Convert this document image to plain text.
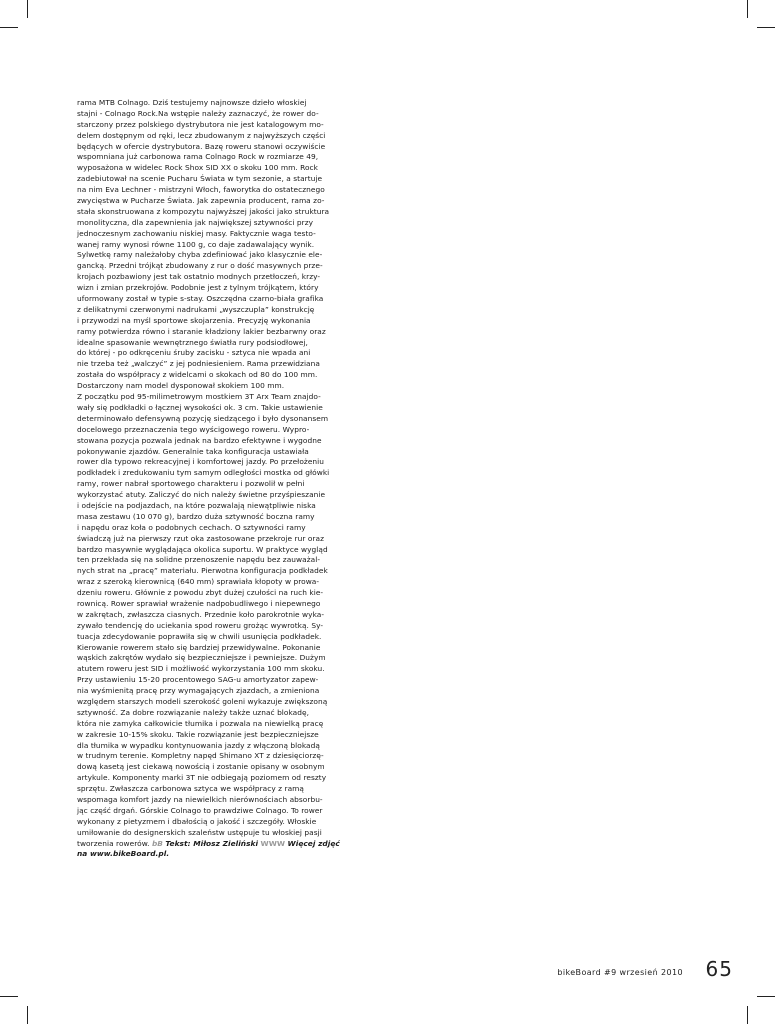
rama MTB Colnago. Dziś testujemy najnowsze dzieło włoskiej
stajni - Colnago Rock.Na wstępie należy zaznaczyć, że rower do-
starczony przez polskiego dystrybutora nie jest katalogowym mo-
delem dostępnym od ręki, lecz zbudowanym z najwyższych części
będących w ofercie dystrybutora. Bazę roweru stanowi oczywiście
wspomniana już carbonowa rama Colnago Rock w rozmiarze 49,
wyposażona w widelec Rock Shox SID XX o skoku 100 mm. Rock
zadebiutował na scenie Pucharu Świata w tym sezonie, a startuje
na nim Eva Lechner - mistrzyni Włoch, faworytka do ostatecznego
zwycięstwa w Pucharze Świata. Jak zapewnia producent, rama zo-
stała skonstruowana z kompozytu najwyższej jakości jako struktura
monolityczna, dla zapewnienia jak największej sztywności przy
jednoczesnym zachowaniu niskiej masy. Faktycznie waga testo-
wanej ramy wynosi równe 1100 g, co daje zadawalający wynik.
Sylwetkę ramy należałoby chyba zdefiniować jako klasycznie ele-
gancką. Przedni trójkąt zbudowany z rur o dość masywnych prze-
krojach pozbawiony jest tak ostatnio modnych przetłoczeń, krzy-
wizn i zmian przekrojów. Podobnie jest z tylnym trójkątem, który
uformowany został w typie s-stay. Oszczędna czarno-biała grafika
z delikatnymi czerwonymi nadrukami „wyszczupla” konstrukcję
i przywodzi na myśl sportowe skojarzenia. Precyzję wykonania
ramy potwierdza równo i staranie kładziony lakier bezbarwny oraz
idealne spasowanie wewnętrznego światła rury podsiodłowej,
do której - po odkręceniu śruby zacisku - sztyca nie wpada ani
nie trzeba też „walczyć” z jej podniesieniem. Rama przewidziana
została do współpracy z widelcami o skokach od 80 do 100 mm.
Dostarczony nam model dysponował skokiem 100 mm.
Z początku pod 95-milimetrowym mostkiem 3T Arx Team znajdo-
wały się podkładki o łącznej wysokości ok. 3 cm. Takie ustawienie
determinowało defensywną pozycję siedzącego i było dysonansem
docelowego przeznaczenia tego wyścigowego roweru. Wypro-
stowana pozycja pozwala jednak na bardzo efektywne i wygodne
pokonywanie zjazdów. Generalnie taka konfiguracja ustawiała
rower dla typowo rekreacyjnej i komfortowej jazdy. Po przełożeniu
podkładek i zredukowaniu tym samym odległości mostka od główki
ramy, rower nabrał sportowego charakteru i pozwolił w pełni
wykorzystać atuty. Zaliczyć do nich należy świetne przyśpieszanie
i odejście na podjazdach, na które pozwalają niewątpliwie niska
masa zestawu (10 070 g), bardzo duża sztywność boczna ramy
i napędu oraz koła o podobnych cechach. O sztywności ramy
świadczą już na pierwszy rzut oka zastosowane przekroje rur oraz
bardzo masywnie wyglądająca okolica suportu. W praktyce wygląd
ten przekłada się na solidne przenoszenie napędu bez zauważal-
nych strat na „pracę” materiału. Pierwotna konfiguracja podkładek
wraz z szeroką kierownicą (640 mm) sprawiała kłopoty w prowa-
dzeniu roweru. Głównie z powodu zbyt dużej czułości na ruch kie-
rownicą. Rower sprawiał wrażenie nadpobudliwego i niepewnego
w zakrętach, zwłaszcza ciasnych. Przednie koło parokrotnie wyka-
zywało tendencję do uciekania spod roweru grożąc wywrotką. Sy-
tuacja zdecydowanie poprawiła się w chwili usunięcia podkładek.
Kierowanie rowerem stało się bardziej przewidywalne. Pokonanie
wąskich zakrętów wydało się bezpieczniejsze i pewniejsze. Dużym
atutem roweru jest SID i możliwość wykorzystania 100 mm skoku.
Przy ustawieniu 15-20 procentowego SAG-u amortyzator zapew-
nia wyśmienitą pracę przy wymagających zjazdach, a zmieniona
względem starszych modeli szerokość goleni wykazuje zwiększoną
sztywność. Za dobre rozwiązanie należy także uznać blokadę,
która nie zamyka całkowicie tłumika i pozwala na niewielką pracę
w zakresie 10-15% skoku. Takie rozwiązanie jest bezpieczniejsze
dla tłumika w wypadku kontynuowania jazdy z włączoną blokadą
w trudnym terenie. Kompletny napęd Shimano XT z dziesięciorzę-
dową kasetą jest ciekawą nowością i zostanie opisany w osobnym
artykule. Komponenty marki 3T nie odbiegają poziomem od reszty
sprzętu. Zwłaszcza carbonowa sztyca we współpracy z ramą
wspomaga komfort jazdy na niewielkich nierównościach absorbu-
jąc część drgań. Górskie Colnago to prawdziwe Colnago. To rower
wykonany z pietyzmem i dbałością o jakość i szczegóły. Włoskie
umiłowanie do designerskich szaleństw ustępuje tu włoskiej pasji
tworzenia rowerów. bB Tekst: Miłosz Zieliński WWW Więcej zdjęć
na www.bikeBoard.pl.
bikeBoard #9 wrzesień 2010 65
